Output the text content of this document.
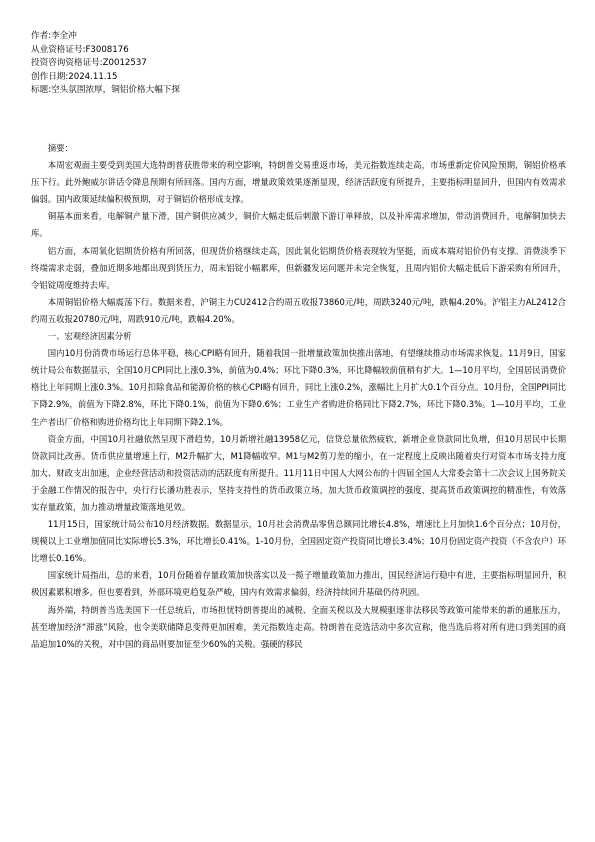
作者:李全冲
从业资格证号:F3008176
投资咨询资格证号:Z0012537
创作日期:2024.11.15
标题:空头氛围浓厚，铜铝价格大幅下探

摘要：

本周宏观面主要受到美国大选特朗普获胜带来的利空影响，特朗普交易重返市场，美元指数连续走高，市场重新定价风险预期，铜铝价格承压下行。此外鲍威尔讲话令降息预期有所回落。国内方面，增量政策效果逐渐显现，经济活跃度有所提升，主要指标明显回升，但国内有效需求偏弱。国内政策延续偏积极预期，对于铜铝价格形成支撑。

铜基本面来看，电解铜产量下滑，国产铜供应减少，铜价大幅走低后刺激下游订单释放，以及补库需求增加，带动消费回升，电解铜加快去库。

铝方面，本周氧化铝期货价格有所回落，但现货价格继续走高，因此氧化铝期货价格表现较为坚挺，而成本端对铝价仍有支撑。消费淡季下终端需求走弱，叠加近期多地都出现到货压力，周末铝锭小幅累库，但新疆发运问题并未完全恢复，且周内铝价大幅走低后下游采购有所回升，令铝锭周度维持去库。

本周铜铝价格大幅震荡下行。数据来看，沪铜主力CU2412合约周五收报73860元/吨，周跌3240元/吨，跌幅4.20%。沪铝主力AL2412合约周五收报20780元/吨，周跌910元/吨，跌幅4.20%。

一、宏观经济因素分析

国内10月份消费市场运行总体平稳，核心CPI略有回升，随着我国一批增量政策加快推出落地，有望继续推动市场需求恢复。11月9日，国家统计局公布数据显示，全国10月CPI同比上涨0.3%，前值为0.4%；环比下降0.3%，环比降幅较前值稍有扩大。1—10月平均，全国居民消费价格比上年同期上涨0.3%。10月扣除食品和能源价格的核心CPI略有回升，同比上涨0.2%，涨幅比上月扩大0.1个百分点。10月份，全国PPI同比下降2.9%，前值为下降2.8%，环比下降0.1%，前值为下降0.6%；工业生产者购进价格同比下降2.7%，环比下降0.3%。1—10月平均，工业生产者出厂价格和购进价格均比上年同期下降2.1%。

资金方面，中国10月社融依然呈现下滑趋势，10月新增社融13958亿元，信贷总量依然疲软，新增企业贷款同比负增，但10月居民中长期贷款同比改善。货币供应量增速上行，M2升幅扩大，M1降幅收窄。M1与M2剪刀差的缩小，在一定程度上反映出随着央行对资本市场支持力度加大、财政支出加速，企业经营活动和投资活动的活跃度有所提升。11月11日中国人大网公布的十四届全国人大常委会第十二次会议上国务院关于金融工作情况的报告中，央行行长潘功胜表示，坚持支持性的货币政策立场，加大货币政策调控的强度，提高货币政策调控的精准性，有效落实存量政策，加力推动增量政策落地见效。

11月15日，国家统计局公布10月经济数据。数据显示，10月社会消费品零售总额同比增长4.8%，增速比上月加快1.6个百分点；10月份，规模以上工业增加值同比实际增长5.3%，环比增长0.41%。1-10月份，全国固定资产投资同比增长3.4%；10月份固定资产投资（不含农户）环比增长0.16%。

国家统计局指出，总的来看，10月份随着存量政策加快落实以及一揽子增量政策加力推出，国民经济运行稳中有进，主要指标明显回升，积极因素累积增多。但也要看到，外部环境更趋复杂严峻，国内有效需求偏弱，经济持续回升基础仍待巩固。

海外端，特朗普当选美国下一任总统后，市场担忧特朗普提出的减税、全面关税以及大规模驱逐非法移民等政策可能带来的新的通胀压力，甚至增加经济“滞涨”风险，也令美联储降息变得更加困难，美元指数连走高。特朗普在竞选活动中多次宣称，他当选后将对所有进口到美国的商品追加10%的关税，对中国的商品则要加征至少60%的关税。强硬的移民
